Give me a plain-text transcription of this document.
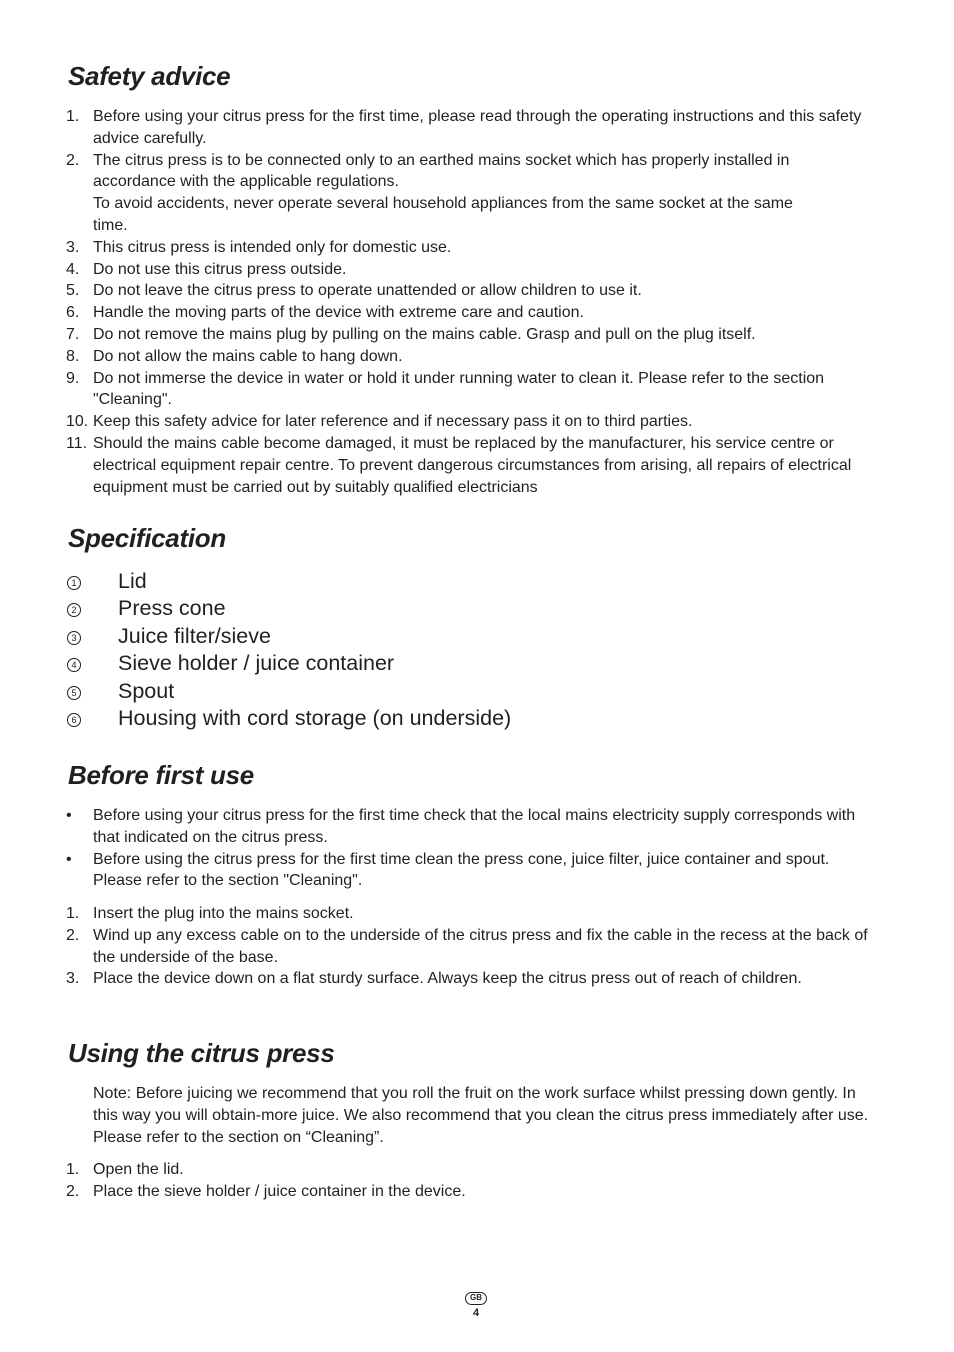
Safety advice
1. Before using your citrus press for the first time, please read through the operating instructions and this safety advice carefully.
2. The citrus press is to be connected only to an earthed mains socket which has properly installed in accordance with the applicable regulations.
To avoid accidents, never operate several household appliances from the same socket at the same time.
3. This citrus press is intended only for domestic use.
4. Do not use this citrus press outside.
5. Do not leave the citrus press to operate unattended or allow children to use it.
6. Handle the moving parts of the device with extreme care and caution.
7. Do not remove the mains plug by pulling on the mains cable. Grasp and pull on the plug itself.
8. Do not allow the mains cable to hang down.
9. Do not immerse the device in water or hold it under running water to clean it. Please refer to the section "Cleaning".
10. Keep this safety advice for later reference and if necessary pass it on to third parties.
11. Should the mains cable become damaged, it must be replaced by the manufacturer, his service centre or electrical equipment repair centre. To prevent dangerous circumstances from arising, all repairs of electrical equipment must be carried out by suitably qualified electricians
Specification
1 Lid
2 Press cone
3 Juice filter/sieve
4 Sieve holder / juice container
5 Spout
6 Housing with cord storage (on underside)
Before first use
• Before using your citrus press for the first time check that the local mains electricity supply corresponds with that indicated on the citrus press.
• Before using the citrus press for the first time clean the press cone, juice filter, juice container and spout. Please refer to the section "Cleaning".
1. Insert the plug into the mains socket.
2. Wind up any excess cable on to the underside of the citrus press and fix the cable in the recess at the back of the underside of the base.
3. Place the device down on a flat sturdy surface. Always keep the citrus press out of reach of children.
Using the citrus press
Note: Before juicing we recommend that you roll the fruit on the work surface whilst pressing down gently. In this way you will obtain-more juice. We also recommend that you clean the citrus press immediately after use. Please refer to the section on “Cleaning”.
1. Open the lid.
2. Place the sieve holder / juice container in the device.
GB
4
